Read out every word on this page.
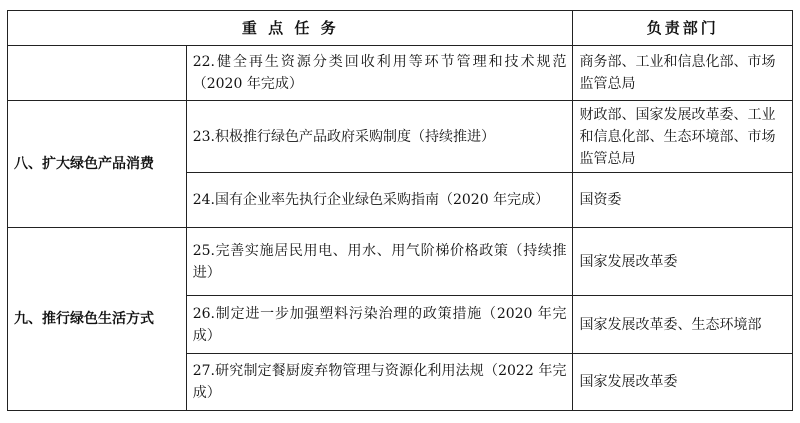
重 点 任 务		负责部门
	22.健全再生资源分类回收利用等环节管理和技术规范（2020 年完成）	商务部、工业和信息化部、市场监管总局
八、扩大绿色产品消费	23.积极推行绿色产品政府采购制度（持续推进）	财政部、国家发展改革委、工业和信息化部、生态环境部、市场监管总局
	24.国有企业率先执行企业绿色采购指南（2020 年完成）	国资委
九、推行绿色生活方式	25.完善实施居民用电、用水、用气阶梯价格政策（持续推进）	国家发展改革委
	26.制定进一步加强塑料污染治理的政策措施（2020 年完成）	国家发展改革委、生态环境部
	27.研究制定餐厨废弃物管理与资源化利用法规（2022 年完成）	国家发展改革委
